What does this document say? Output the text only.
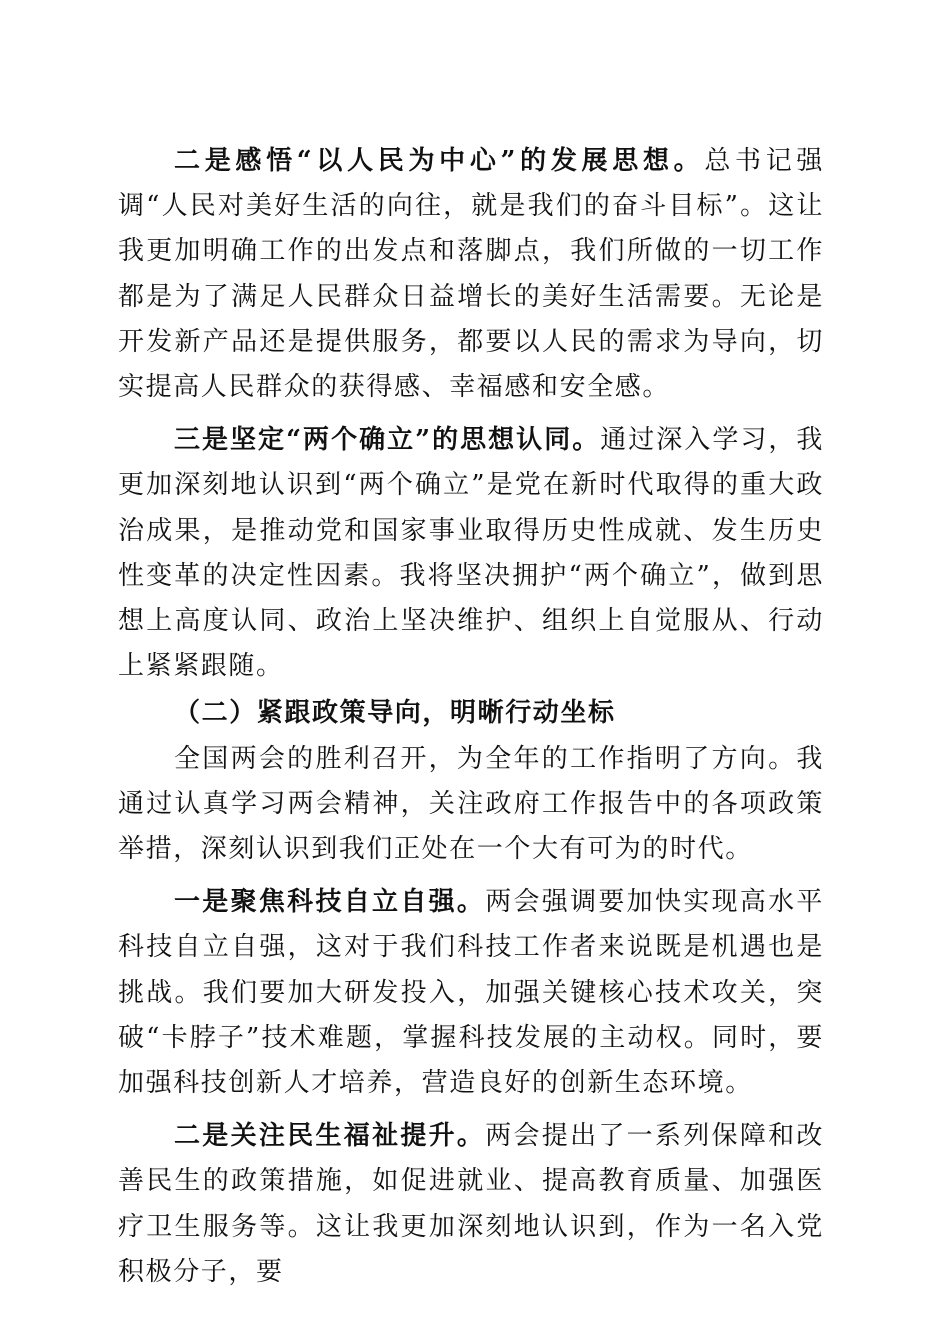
二是感悟“以人民为中心”的发展思想。总书记强调“人民对美好生活的向往，就是我们的奋斗目标”。这让我更加明确工作的出发点和落脚点，我们所做的一切工作都是为了满足人民群众日益增长的美好生活需要。无论是开发新产品还是提供服务，都要以人民的需求为导向，切实提高人民群众的获得感、幸福感和安全感。

三是坚定“两个确立”的思想认同。通过深入学习，我更加深刻地认识到“两个确立”是党在新时代取得的重大政治成果，是推动党和国家事业取得历史性成就、发生历史性变革的决定性因素。我将坚决拥护“两个确立”，做到思想上高度认同、政治上坚决维护、组织上自觉服从、行动上紧紧跟随。

（二）紧跟政策导向，明晰行动坐标

全国两会的胜利召开，为全年的工作指明了方向。我通过认真学习两会精神，关注政府工作报告中的各项政策举措，深刻认识到我们正处在一个大有可为的时代。

一是聚焦科技自立自强。两会强调要加快实现高水平科技自立自强，这对于我们科技工作者来说既是机遇也是挑战。我们要加大研发投入，加强关键核心技术攻关，突破“卡脖子”技术难题，掌握科技发展的主动权。同时，要加强科技创新人才培养，营造良好的创新生态环境。

二是关注民生福祉提升。两会提出了一系列保障和改善民生的政策措施，如促进就业、提高教育质量、加强医疗卫生服务等。这让我更加深刻地认识到，作为一名入党积极分子，要
